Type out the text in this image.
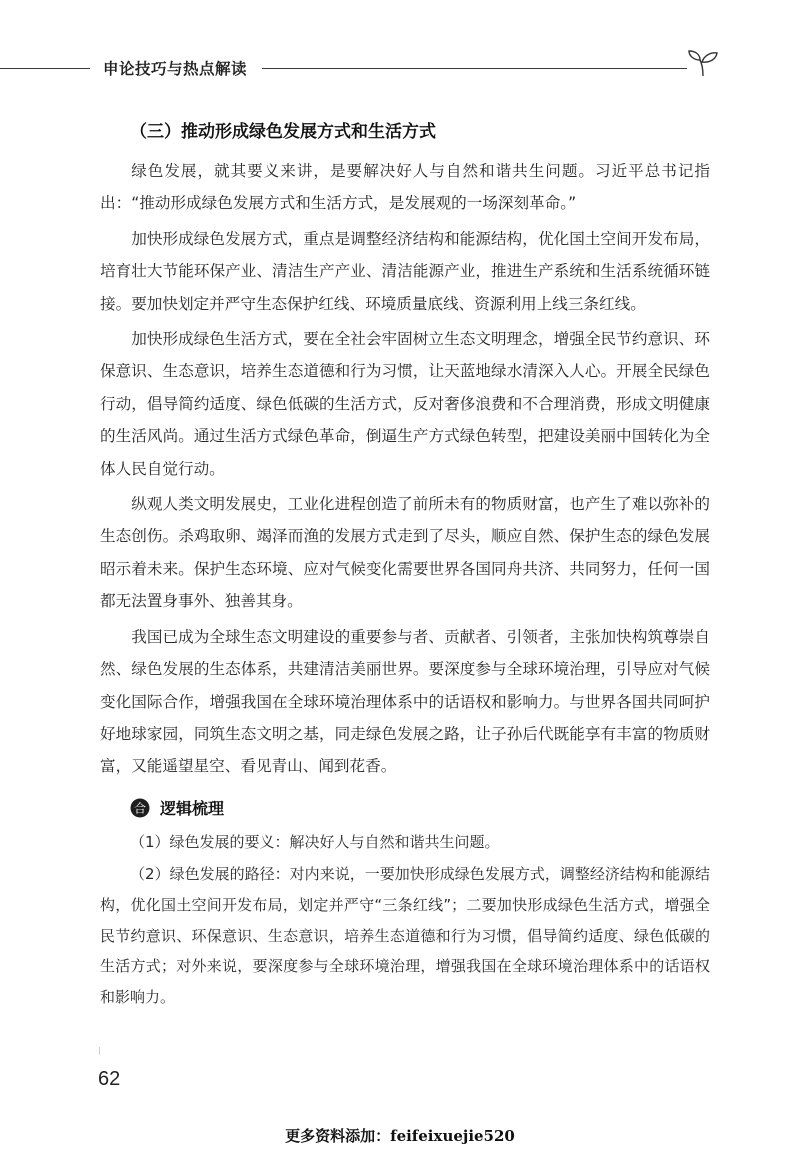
申论技巧与热点解读
（三）推动形成绿色发展方式和生活方式

绿色发展，就其要义来讲，是要解决好人与自然和谐共生问题。习近平总书记指出：“推动形成绿色发展方式和生活方式，是发展观的一场深刻革命。”

加快形成绿色发展方式，重点是调整经济结构和能源结构，优化国土空间开发布局，培育壮大节能环保产业、清洁生产产业、清洁能源产业，推进生产系统和生活系统循环链接。要加快划定并严守生态保护红线、环境质量底线、资源利用上线三条红线。

加快形成绿色生活方式，要在全社会牢固树立生态文明理念，增强全民节约意识、环保意识、生态意识，培养生态道德和行为习惯，让天蓝地绿水清深入人心。开展全民绿色行动，倡导简约适度、绿色低碳的生活方式，反对奢侈浪费和不合理消费，形成文明健康的生活风尚。通过生活方式绿色革命，倒逼生产方式绿色转型，把建设美丽中国转化为全体人民自觉行动。

纵观人类文明发展史，工业化进程创造了前所未有的物质财富，也产生了难以弥补的生态创伤。杀鸡取卵、竭泽而渔的发展方式走到了尽头，顺应自然、保护生态的绿色发展昭示着未来。保护生态环境、应对气候变化需要世界各国同舟共济、共同努力，任何一国都无法置身事外、独善其身。

我国已成为全球生态文明建设的重要参与者、贡献者、引领者，主张加快构筑尊崇自然、绿色发展的生态体系，共建清洁美丽世界。要深度参与全球环境治理，引导应对气候变化国际合作，增强我国在全球环境治理体系中的话语权和影响力。与世界各国共同呵护好地球家园，同筑生态文明之基，同走绿色发展之路，让子孙后代既能享有丰富的物质财富，又能遥望星空、看见青山、闻到花香。

合 逻辑梳理

（1）绿色发展的要义：解决好人与自然和谐共生问题。

（2）绿色发展的路径：对内来说，一要加快形成绿色发展方式，调整经济结构和能源结构，优化国土空间开发布局，划定并严守“三条红线”；二要加快形成绿色生活方式，增强全民节约意识、环保意识、生态意识，培养生态道德和行为习惯，倡导简约适度、绿色低碳的生活方式；对外来说，要深度参与全球环境治理，增强我国在全球环境治理体系中的话语权和影响力。

62
更多资料添加：feifeixuejie520
